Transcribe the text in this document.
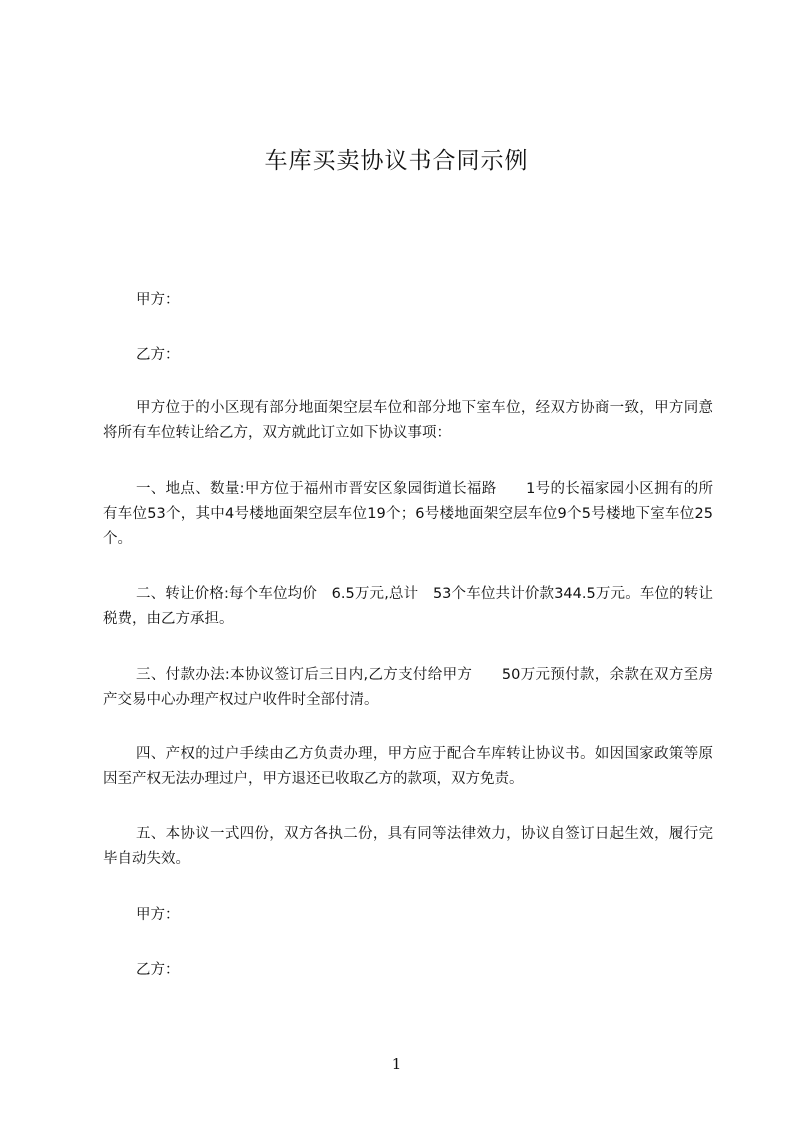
车库买卖协议书合同示例
甲方：
乙方：

甲方位于的小区现有部分地面架空层车位和部分地下室车位，经双方协商一致，甲方同意将所有车位转让给乙方，双方就此订立如下协议事项：

一、地点、数量:甲方位于福州市晋安区象园街道长福路　　1号的长福家园小区拥有的所有车位53个，其中4号楼地面架空层车位19个；6号楼地面架空层车位9个5号楼地下室车位25个。

二、转让价格:每个车位均价　6.5万元,总计　53个车位共计价款344.5万元。车位的转让税费，由乙方承担。

三、付款办法:本协议签订后三日内,乙方支付给甲方　　50万元预付款，余款在双方至房产交易中心办理产权过户收件时全部付清。

四、产权的过户手续由乙方负责办理，甲方应于配合车库转让协议书。如因国家政策等原因至产权无法办理过户，甲方退还已收取乙方的款项，双方免责。

五、本协议一式四份，双方各执二份，具有同等法律效力，协议自签订日起生效，履行完毕自动失效。

甲方：
乙方：
1
